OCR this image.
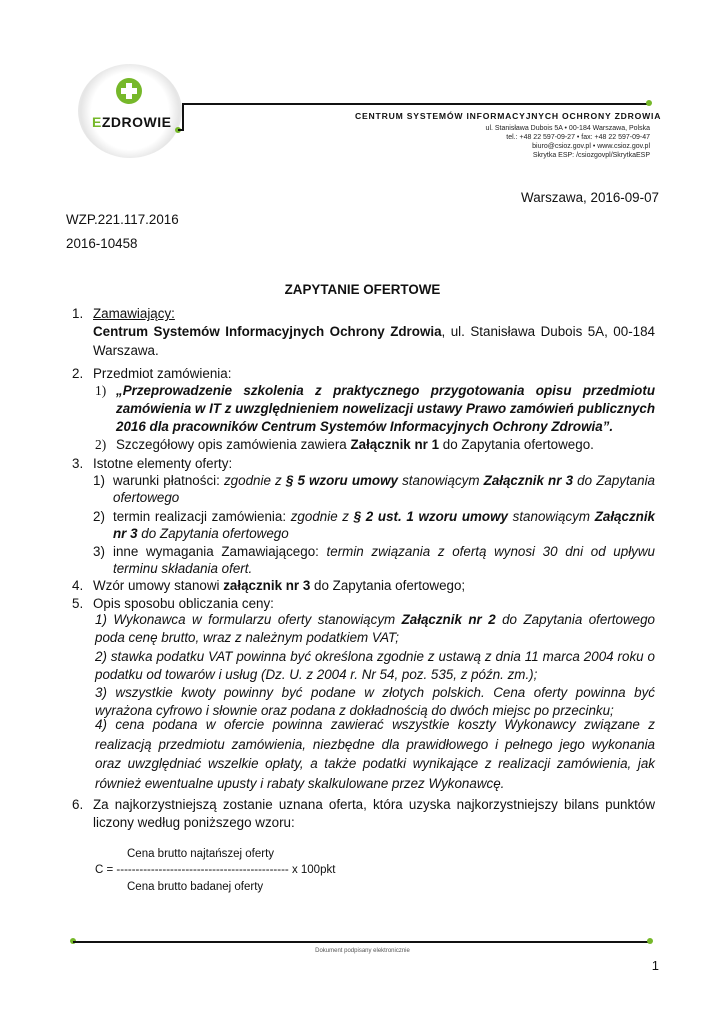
EZDROWIE	CENTRUM SYSTEMÓW INFORMACYJNYCH OCHRONY ZDROWIA
ul. Stanisława Dubois 5A • 00-184 Warszawa, Polska
tel.: +48 22 597-09-27 • fax: +48 22 597-09-47
biuro@csioz.gov.pl • www.csioz.gov.pl
Skrytka ESP: /csiozgovpl/SkrytkaESP
Warszawa, 2016-09-07
WZP.221.117.2016
2016-10458
ZAPYTANIE OFERTOWE
1. Zamawiający:
Centrum Systemów Informacyjnych Ochrony Zdrowia, ul. Stanisława Dubois 5A, 00-184 Warszawa.
2. Przedmiot zamówienia:
1) „Przeprowadzenie szkolenia z praktycznego przygotowania opisu przedmiotu zamówienia w IT z uwzględnieniem nowelizacji ustawy Prawo zamówień publicznych 2016 dla pracowników Centrum Systemów Informacyjnych Ochrony Zdrowia”.
2) Szczegółowy opis zamówienia zawiera Załącznik nr 1 do Zapytania ofertowego.
3. Istotne elementy oferty:
1) warunki płatności: zgodnie z § 5 wzoru umowy stanowiącym Załącznik nr 3 do Zapytania ofertowego
2) termin realizacji zamówienia: zgodnie z § 2 ust. 1 wzoru umowy stanowiącym Załącznik nr 3 do Zapytania ofertowego
3) inne wymagania Zamawiającego: termin związania z ofertą wynosi 30 dni od upływu terminu składania ofert.
4. Wzór umowy stanowi załącznik nr 3 do Zapytania ofertowego;
5. Opis sposobu obliczania ceny:
1) Wykonawca w formularzu oferty stanowiącym Załącznik nr 2 do Zapytania ofertowego poda cenę brutto, wraz z należnym podatkiem VAT;
2) stawka podatku VAT powinna być określona zgodnie z ustawą z dnia 11 marca 2004 roku o podatku od towarów i usług (Dz. U. z 2004 r. Nr 54, poz. 535, z późn. zm.);
3) wszystkie kwoty powinny być podane w złotych polskich. Cena oferty powinna być wyrażona cyfrowo i słownie oraz podana z dokładnością do dwóch miejsc po przecinku;
4) cena podana w ofercie powinna zawierać wszystkie koszty Wykonawcy związane z realizacją przedmiotu zamówienia, niezbędne dla prawidłowego i pełnego jego wykonania oraz uwzględniać wszelkie opłaty, a także podatki wynikające z realizacji zamówienia, jak również ewentualne upusty i rabaty skalkulowane przez Wykonawcę.
6. Za najkorzystniejszą zostanie uznana oferta, która uzyska najkorzystniejszy bilans punktów liczony według poniższego wzoru:
Cena brutto najtańszej oferty
C = --------------------------------------------- x 100pkt
Cena brutto badanej oferty
Dokument podpisany elektronicznie
1
